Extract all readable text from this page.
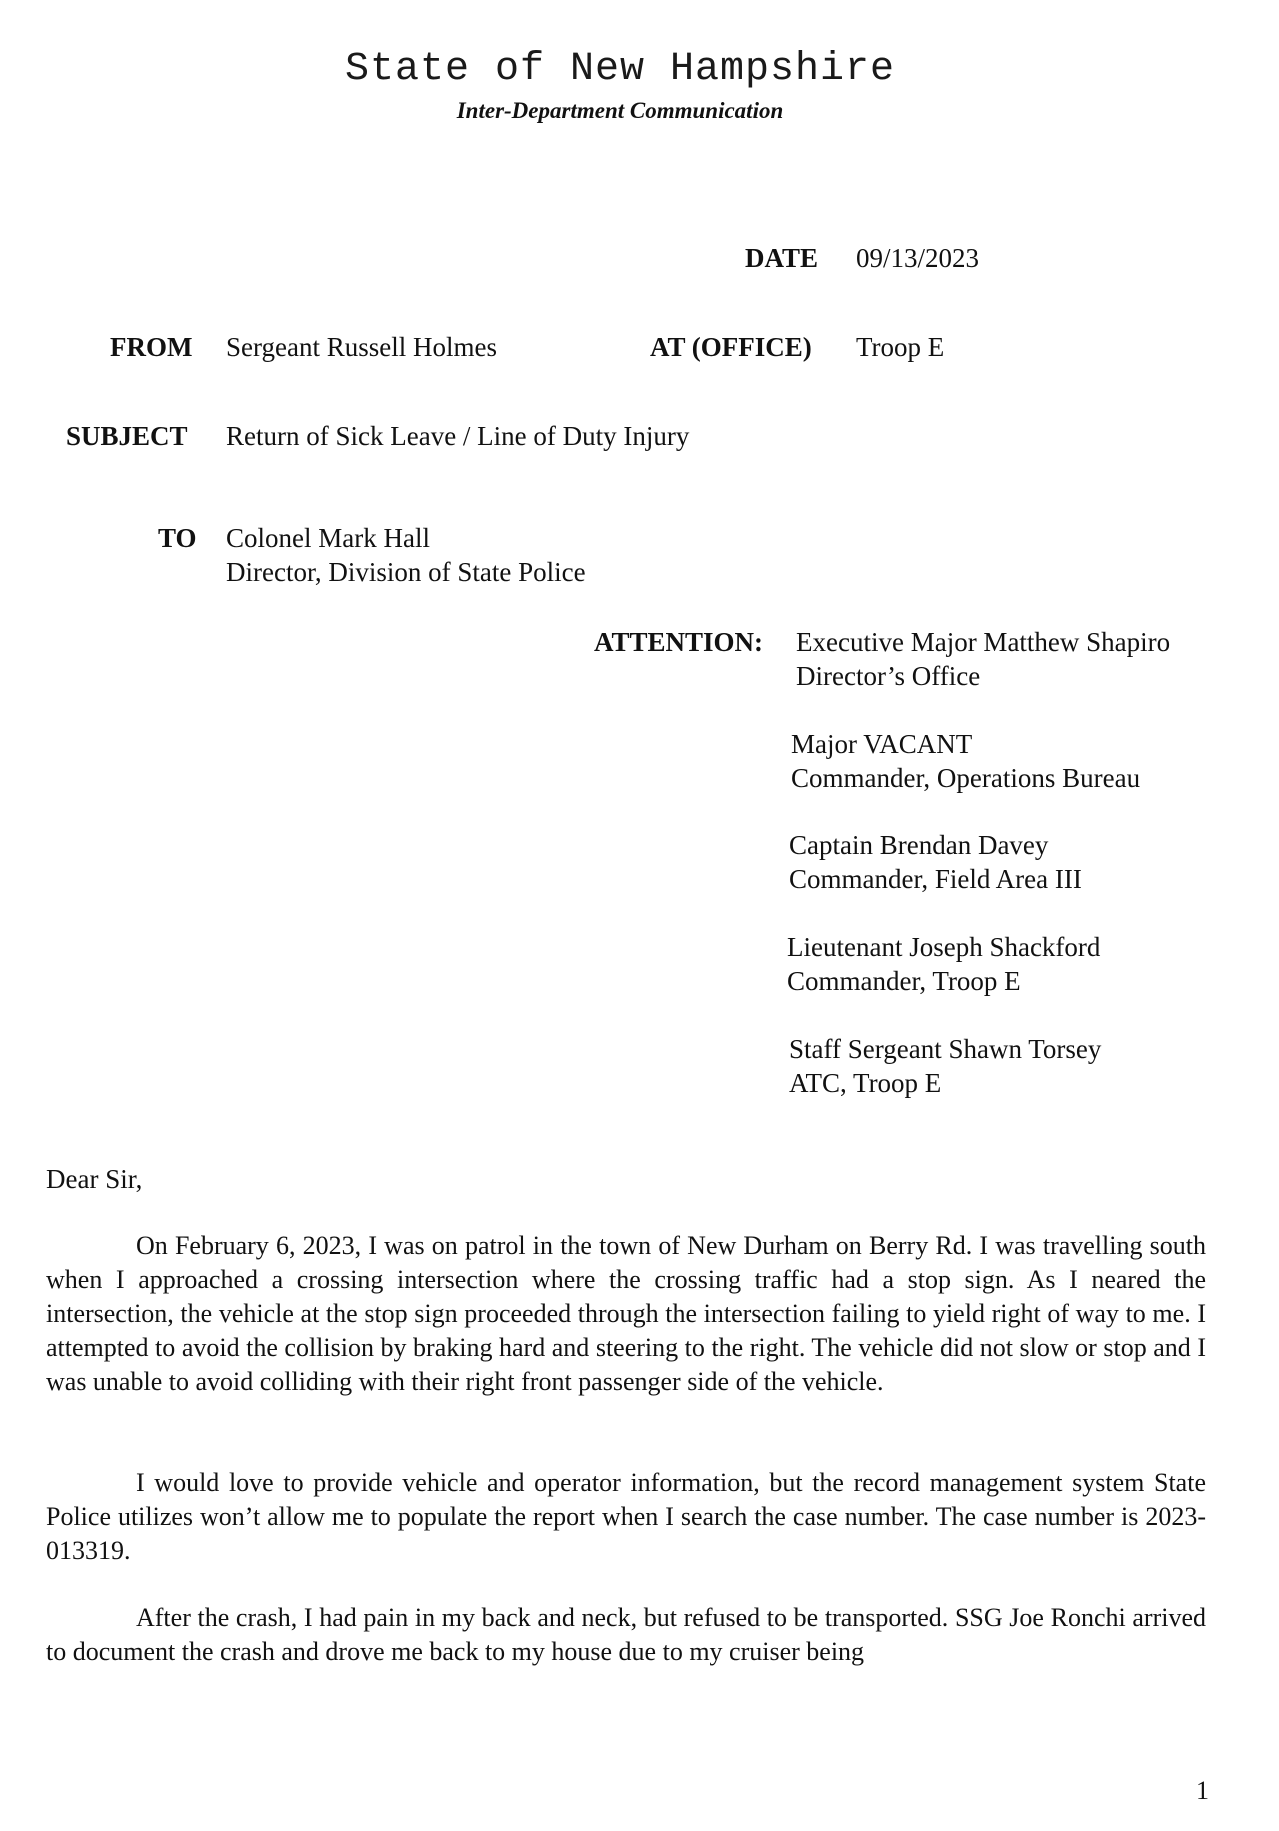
State of New Hampshire
Inter-Department Communication
DATE 09/13/2023
FROM Sergeant Russell Holmes	AT (OFFICE) Troop E
SUBJECT Return of Sick Leave / Line of Duty Injury
TO Colonel Mark Hall
Director, Division of State Police
ATTENTION: Executive Major Matthew Shapiro
Director’s Office
Major VACANT
Commander, Operations Bureau
Captain Brendan Davey
Commander, Field Area III
Lieutenant Joseph Shackford
Commander, Troop E
Staff Sergeant Shawn Torsey
ATC, Troop E
Dear Sir,

On February 6, 2023, I was on patrol in the town of New Durham on Berry Rd. I was travelling south when I approached a crossing intersection where the crossing traffic had a stop sign. As I neared the intersection, the vehicle at the stop sign proceeded through the intersection failing to yield right of way to me. I attempted to avoid the collision by braking hard and steering to the right. The vehicle did not slow or stop and I was unable to avoid colliding with their right front passenger side of the vehicle.

I would love to provide vehicle and operator information, but the record management system State Police utilizes won’t allow me to populate the report when I search the case number. The case number is 2023-013319.

After the crash, I had pain in my back and neck, but refused to be transported. SSG Joe Ronchi arrived to document the crash and drove me back to my house due to my cruiser being

1
